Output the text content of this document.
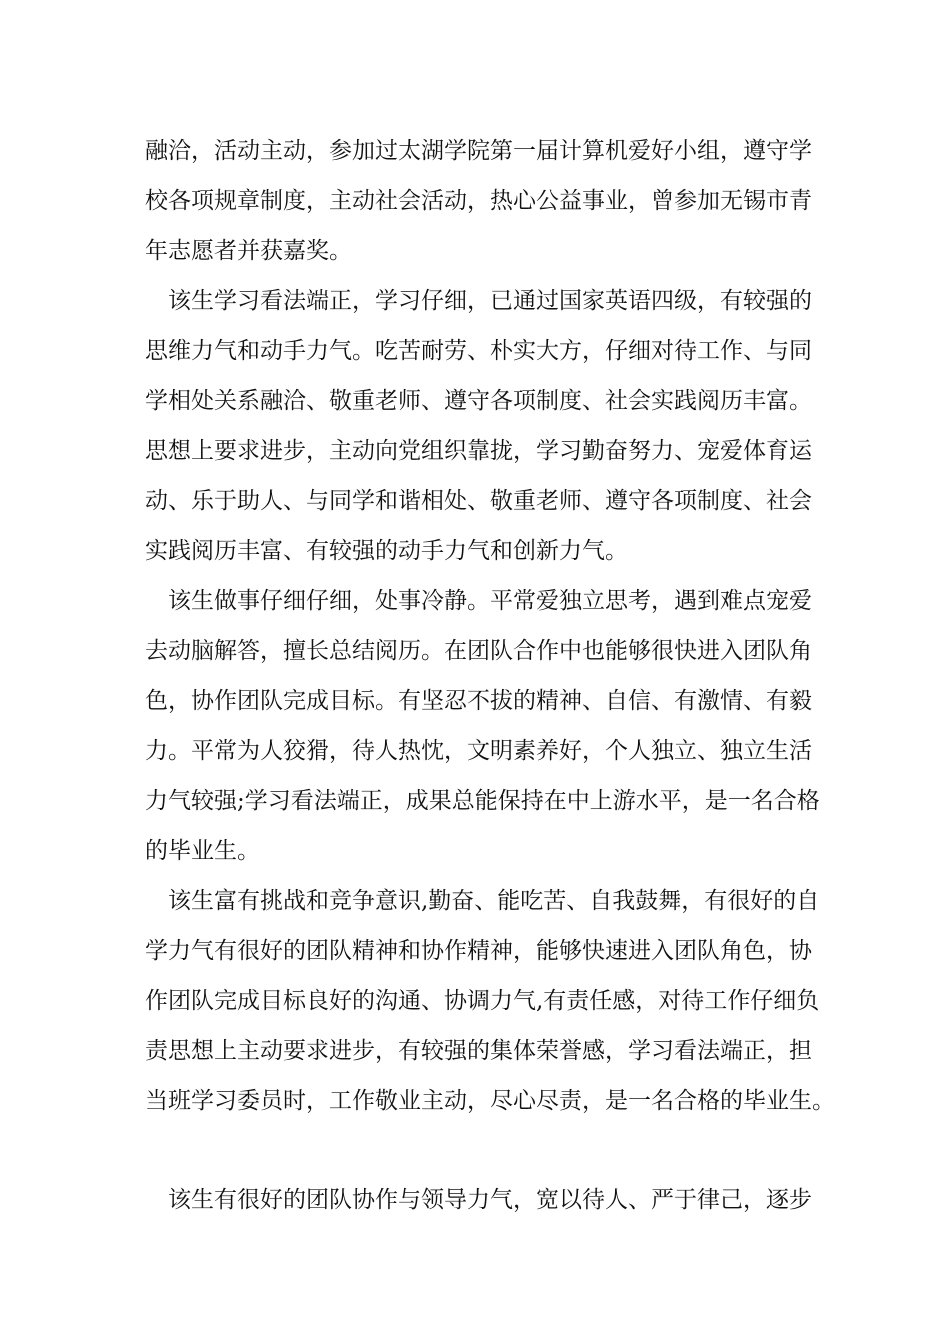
融洽，活动主动，参加过太湖学院第一届计算机爱好小组，遵守学
校各项规章制度，主动社会活动，热心公益事业，曾参加无锡市青
年志愿者并获嘉奖。
该生学习看法端正，学习仔细，已通过国家英语四级，有较强的
思维力气和动手力气。吃苦耐劳、朴实大方，仔细对待工作、与同
学相处关系融洽、敬重老师、遵守各项制度、社会实践阅历丰富。
思想上要求进步，主动向党组织靠拢，学习勤奋努力、宠爱体育运
动、乐于助人、与同学和谐相处、敬重老师、遵守各项制度、社会
实践阅历丰富、有较强的动手力气和创新力气。
该生做事仔细仔细，处事冷静。平常爱独立思考，遇到难点宠爱
去动脑解答，擅长总结阅历。在团队合作中也能够很快进入团队角
色，协作团队完成目标。有坚忍不拔的精神、自信、有激情、有毅
力。平常为人狡猾，待人热忱，文明素养好，个人独立、独立生活
力气较强;学习看法端正，成果总能保持在中上游水平，是一名合格
的毕业生。
该生富有挑战和竞争意识,勤奋、能吃苦、自我鼓舞，有很好的自
学力气有很好的团队精神和协作精神，能够快速进入团队角色，协
作团队完成目标良好的沟通、协调力气,有责任感，对待工作仔细负
责思想上主动要求进步，有较强的集体荣誉感，学习看法端正，担
当班学习委员时，工作敬业主动，尽心尽责，是一名合格的毕业生。
该生有很好的团队协作与领导力气，宽以待人、严于律己，逐步
